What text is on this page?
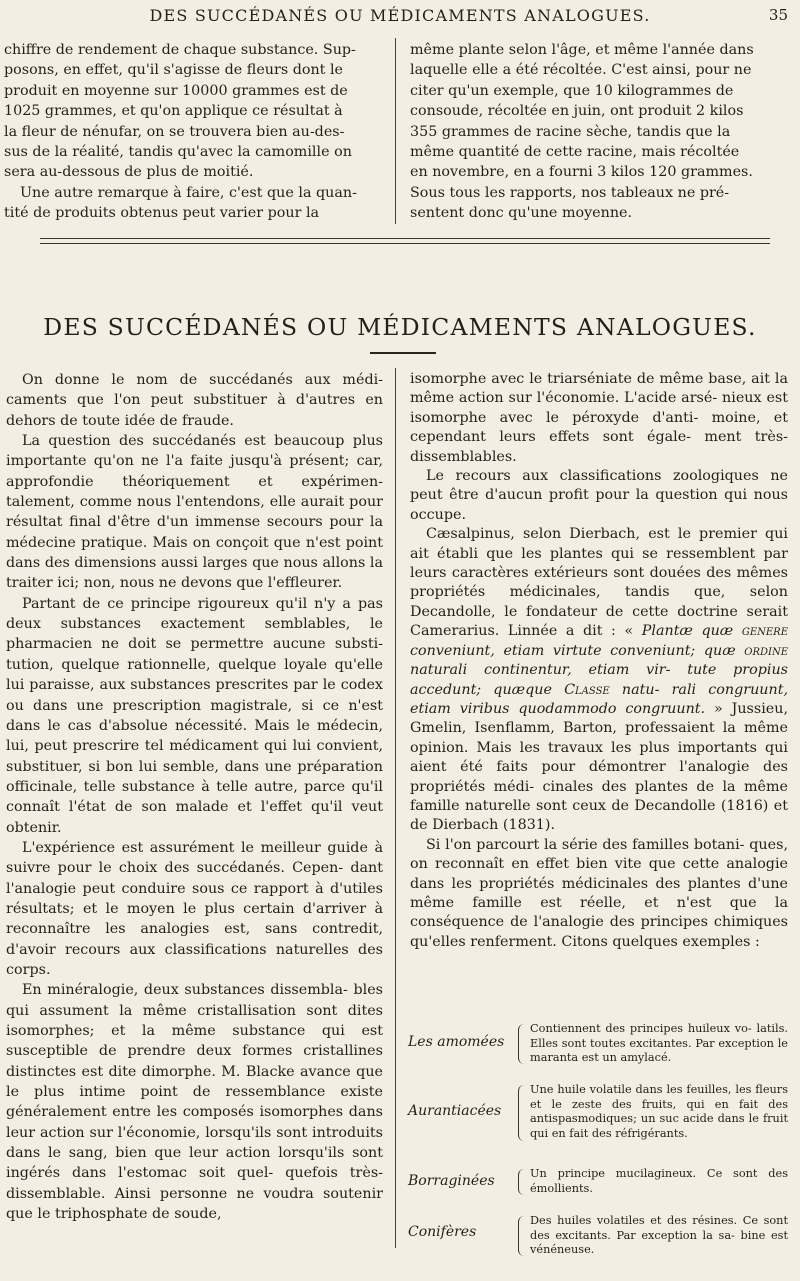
DES SUCCÉDANÉS OU MÉDICAMENTS ANALOGUES.	35
chiffre de rendement de chaque substance. Sup-
posons, en effet, qu'il s'agisse de fleurs dont le
produit en moyenne sur 10000 grammes est de
1025 grammes, et qu'on applique ce résultat à
la fleur de nénufar, on se trouvera bien au-des-
sus de la réalité, tandis qu'avec la camomille on
sera au-dessous de plus de moitié.
Une autre remarque à faire, c'est que la quan-
tité de produits obtenus peut varier pour la
même plante selon l'âge, et même l'année dans
laquelle elle a été récoltée. C'est ainsi, pour ne
citer qu'un exemple, que 10 kilogrammes de
consoude, récoltée en juin, ont produit 2 kilos
355 grammes de racine sèche, tandis que la
même quantité de cette racine, mais récoltée
en novembre, en a fourni 3 kilos 120 grammes.
Sous tous les rapports, nos tableaux ne pré-
sentent donc qu'une moyenne.
DES SUCCÉDANÉS OU MÉDICAMENTS ANALOGUES.

On donne le nom de succédanés aux médi- caments que l'on peut substituer à d'autres en dehors de toute idée de fraude.

La question des succédanés est beaucoup plus importante qu'on ne l'a faite jusqu'à présent; car, approfondie théoriquement et expérimen- talement, comme nous l'entendons, elle aurait pour résultat final d'être d'un immense secours pour la médecine pratique. Mais on conçoit que n'est point dans des dimensions aussi larges que nous allons la traiter ici; non, nous ne devons que l'effleurer.

Partant de ce principe rigoureux qu'il n'y a pas deux substances exactement semblables, le pharmacien ne doit se permettre aucune substi- tution, quelque rationnelle, quelque loyale qu'elle lui paraisse, aux substances prescrites par le codex ou dans une prescription magistrale, si ce n'est dans le cas d'absolue nécessité. Mais le médecin, lui, peut prescrire tel médicament qui lui convient, substituer, si bon lui semble, dans une préparation officinale, telle substance à telle autre, parce qu'il connaît l'état de son malade et l'effet qu'il veut obtenir.

L'expérience est assurément le meilleur guide à suivre pour le choix des succédanés. Cepen- dant l'analogie peut conduire sous ce rapport à d'utiles résultats; et le moyen le plus certain d'arriver à reconnaître les analogies est, sans contredit, d'avoir recours aux classifications naturelles des corps.

En minéralogie, deux substances dissembla- bles qui assument la même cristallisation sont dites isomorphes; et la même substance qui est susceptible de prendre deux formes cristallines distinctes est dite dimorphe. M. Blacke avance que le plus intime point de ressemblance existe généralement entre les composés isomorphes dans leur action sur l'économie, lorsqu'ils sont introduits dans le sang, bien que leur action lorsqu'ils sont ingérés dans l'estomac soit quel- quefois très-dissemblable. Ainsi personne ne voudra soutenir que le triphosphate de soude,

isomorphe avec le triarséniate de même base, ait la même action sur l'économie. L'acide arsé- nieux est isomorphe avec le péroxyde d'anti- moine, et cependant leurs effets sont égale- ment très-dissemblables.

Le recours aux classifications zoologiques ne peut être d'aucun profit pour la question qui nous occupe.

Cæsalpinus, selon Dierbach, est le premier qui ait établi que les plantes qui se ressemblent par leurs caractères extérieurs sont douées des mêmes propriétés médicinales, tandis que, selon Decandolle, le fondateur de cette doctrine serait Camerarius. Linnée a dit : « Plantæ quæ genere conveniunt, etiam virtute conveniunt; quæ ordine naturali continentur, etiam vir- tute propius accedunt; quæque Classe natu- rali congruunt, etiam viribus quodammodo congruunt. » Jussieu, Gmelin, Isenflamm, Barton, professaient la même opinion. Mais les travaux les plus importants qui aient été faits pour démontrer l'analogie des propriétés médi- cinales des plantes de la même famille naturelle sont ceux de Decandolle (1816) et de Dierbach (1831).

Si l'on parcourt la série des familles botani- ques, on reconnaît en effet bien vite que cette analogie dans les propriétés médicinales des plantes d'une même famille est réelle, et n'est que la conséquence de l'analogie des principes chimiques qu'elles renferment. Citons quelques exemples :

Les amomées
Contiennent des principes huileux vo- latils. Elles sont toutes excitantes. Par exception le maranta est un amylacé.
Aurantiacées
Une huile volatile dans les feuilles, les fleurs et le zeste des fruits, qui en fait des antispasmodiques; un suc acide dans le fruit qui en fait des réfrigérants.
Borraginées	Un principe mucilagineux. Ce sont des émollients.
Conifères
Des huiles volatiles et des résines. Ce sont des excitants. Par exception la sa- bine est vénéneuse.
